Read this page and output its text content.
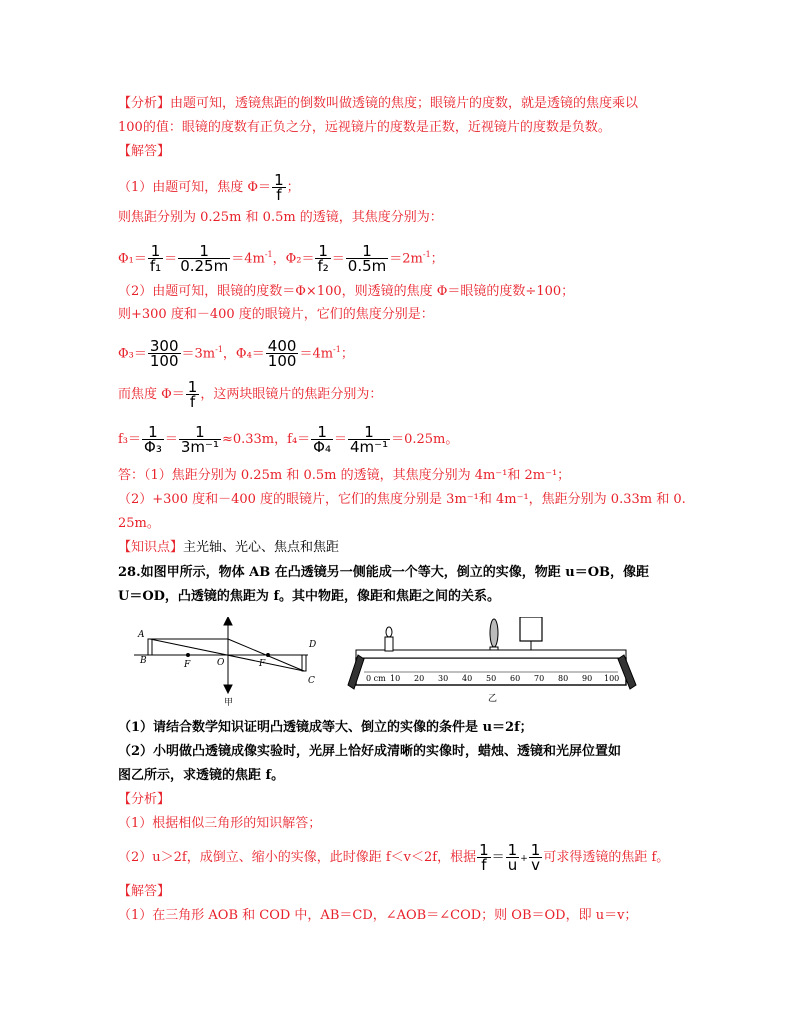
【分析】由题可知，透镜焦距的倒数叫做透镜的焦度；眼镜片的度数，就是透镜的焦度乘以
100的值：眼镜的度数有正负之分，远视镜片的度数是正数，近视镜片的度数是负数。
【解答】
（1）由题可知，焦度 $\Phi= \frac{1}{f}$ ；
则焦距分别为 0.25m 和 0.5m 的透镜，其焦度分别为：
$\Phi_1= \frac{1}{\text{f₁}} = \frac{1}{0.25m} =4m^{-1}$，$\Phi_2= \frac{1}{\text{f₂}} = \frac{1}{0.5m} =2m^{-1}$；
（2）由题可知，眼镜的度数＝Φ×100，则透镜的焦度 Φ＝眼镜的度数÷100；
则+300 度和－400 度的眼镜片，它们的焦度分别是：
$\Phi_3= \frac{300}{100} =3m^{-1}$，$\Phi_4= \frac{400}{100} =4m^{-1}$；
而焦度 $\Phi= \frac{1}{f}$ ，这两块眼镜片的焦距分别为：
$f_3= \frac{1}{\text{Φ₃}} = \frac{1}{\text{3m⁻¹}} \approx 0.33m$，$f_4= \frac{1}{\text{Φ₄}} = \frac{1}{\text{4m⁻¹}} =0.25m$。
答：（1）焦距分别为 0.25m 和 0.5m 的透镜，其焦度分别为 4m⁻¹和 2m⁻¹；
（2）+300 度和－400 度的眼镜片，它们的焦度分别是 3m⁻¹和 4m⁻¹，焦距分别为 0.33m 和 0.
25m。
【知识点】主光轴、光心、焦点和焦距
28.如图甲所示，物体 AB 在凸透镜另一侧能成一个等大，倒立的实像，物距 u＝OB，像距
U＝OD，凸透镜的焦距为 f。其中物距，像距和焦距之间的关系。
A
B	F	O	F
D
C
甲
0 cm 10 20 30 40 50 60 70 80 90 100
乙
（1）请结合数学知识证明凸透镜成等大、倒立的实像的条件是 u＝2f；
（2）小明做凸透镜成像实验时，光屏上恰好成清晰的实像时，蜡烛、透镜和光屏位置如
图乙所示，求透镜的焦距 f。
【分析】
（1）根据相似三角形的知识解答；
（2）u＞2f，成倒立、缩小的实像，此时像距 f＜v＜2f，根据 $\frac{1}{f} = \frac{1}{u} + \frac{1}{v}$ 可求得透镜的焦距 f。
【解答】
（1）在三角形 AOB 和 COD 中，AB＝CD，∠AOB＝∠COD；则 OB＝OD，即 u＝v；
